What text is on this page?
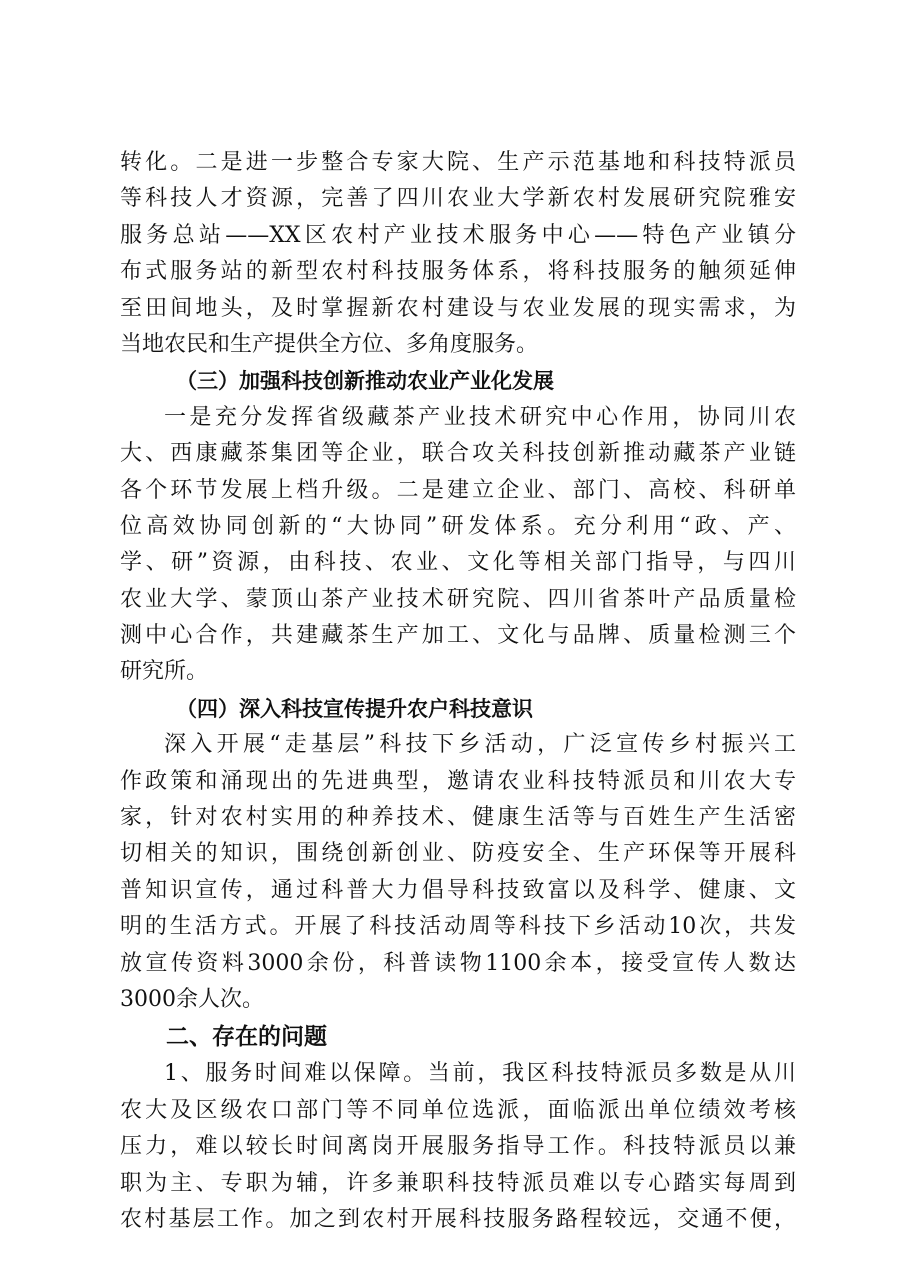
转化。二是进一步整合专家大院、生产示范基地和科技特派员
等科技人才资源，完善了四川农业大学新农村发展研究院雅安
服务总站——XX区农村产业技术服务中心——特色产业镇分
布式服务站的新型农村科技服务体系，将科技服务的触须延伸
至田间地头，及时掌握新农村建设与农业发展的现实需求，为
当地农民和生产提供全方位、多角度服务。
（三）加强科技创新推动农业产业化发展
一是充分发挥省级藏茶产业技术研究中心作用，协同川农
大、西康藏茶集团等企业，联合攻关科技创新推动藏茶产业链
各个环节发展上档升级。二是建立企业、部门、高校、科研单
位高效协同创新的“大协同”研发体系。充分利用“政、产、
学、研”资源，由科技、农业、文化等相关部门指导，与四川
农业大学、蒙顶山茶产业技术研究院、四川省茶叶产品质量检
测中心合作，共建藏茶生产加工、文化与品牌、质量检测三个
研究所。
（四）深入科技宣传提升农户科技意识
深入开展“走基层”科技下乡活动，广泛宣传乡村振兴工
作政策和涌现出的先进典型，邀请农业科技特派员和川农大专
家，针对农村实用的种养技术、健康生活等与百姓生产生活密
切相关的知识，围绕创新创业、防疫安全、生产环保等开展科
普知识宣传，通过科普大力倡导科技致富以及科学、健康、文
明的生活方式。开展了科技活动周等科技下乡活动10次，共发
放宣传资料3000余份，科普读物1100余本，接受宣传人数达
3000余人次。
二、存在的问题
1、服务时间难以保障。当前，我区科技特派员多数是从川
农大及区级农口部门等不同单位选派，面临派出单位绩效考核
压力，难以较长时间离岗开展服务指导工作。科技特派员以兼
职为主、专职为辅，许多兼职科技特派员难以专心踏实每周到
农村基层工作。加之到农村开展科技服务路程较远，交通不便，
